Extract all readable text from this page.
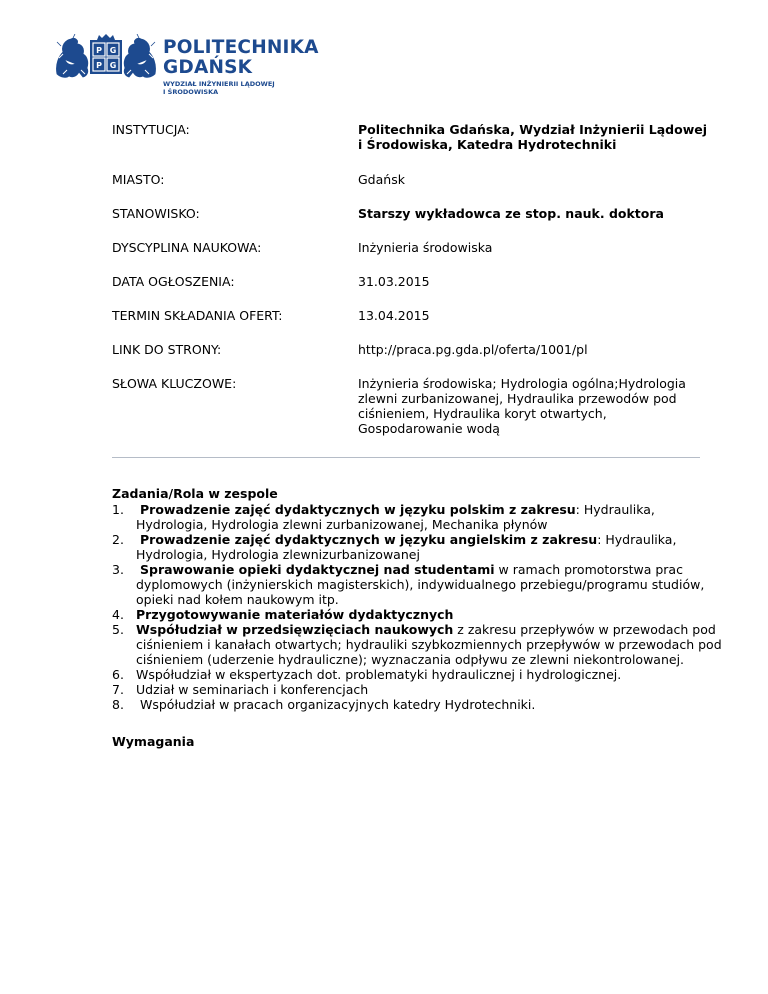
P G
P G
POLITECHNIKA
GDAŃSK
WYDZIAŁ INŻYNIERII LĄDOWEJ
I ŚRODOWISKA
INSTYTUCJA:	Politechnika Gdańska, Wydział Inżynierii Lądowej i Środowiska, Katedra Hydrotechniki
MIASTO:	Gdańsk
STANOWISKO:	Starszy wykładowca ze stop. nauk. doktora
DYSCYPLINA NAUKOWA:	Inżynieria środowiska
DATA OGŁOSZENIA:	31.03.2015
TERMIN SKŁADANIA OFERT:	13.04.2015
LINK DO STRONY:	http://praca.pg.gda.pl/oferta/1001/pl
SŁOWA KLUCZOWE:	Inżynieria środowiska; Hydrologia ogólna;Hydrologia zlewni zurbanizowanej, Hydraulika przewodów pod ciśnieniem, Hydraulika koryt otwartych, Gospodarowanie wodą
Zadania/Rola w zespole
1. Prowadzenie zajęć dydaktycznych w języku polskim z zakresu: Hydraulika, Hydrologia, Hydrologia zlewni zurbanizowanej, Mechanika płynów
2. Prowadzenie zajęć dydaktycznych w języku angielskim z zakresu: Hydraulika, Hydrologia, Hydrologia zlewnizurbanizowanej
3. Sprawowanie opieki dydaktycznej nad studentami w ramach promotorstwa prac dyplomowych (inżynierskich magisterskich), indywidualnego przebiegu/programu studiów, opieki nad kołem naukowym itp.
4. Przygotowywanie materiałów dydaktycznych
5. Współudział w przedsięwzięciach naukowych z zakresu przepływów w przewodach pod ciśnieniem i kanałach otwartych; hydrauliki szybkozmiennych przepływów w przewodach pod ciśnieniem (uderzenie hydrauliczne); wyznaczania odpływu ze zlewni niekontrolowanej.
6. Współudział w ekspertyzach dot. problematyki hydraulicznej i hydrologicznej.
7. Udział w seminariach i konferencjach
8. Współudział w pracach organizacyjnych katedry Hydrotechniki.
Wymagania
